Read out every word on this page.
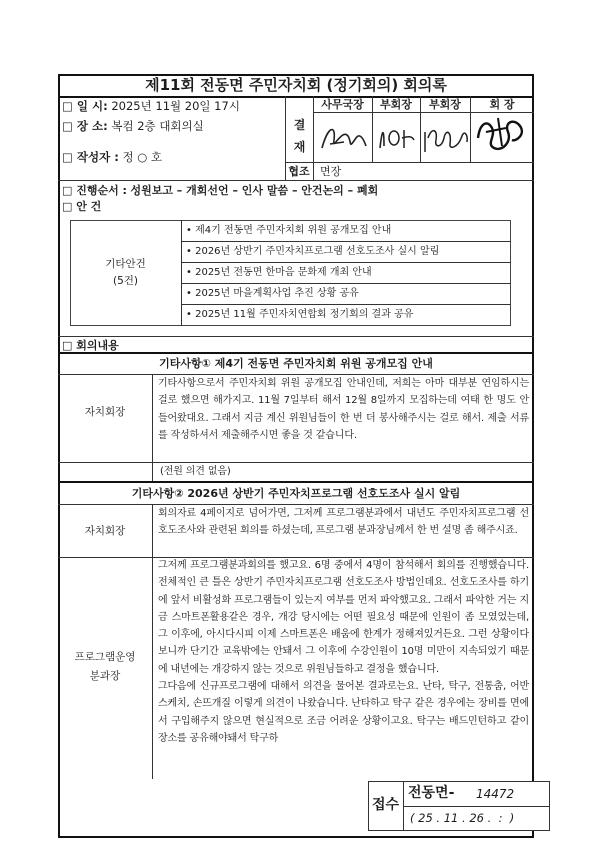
제11회 전동면 주민자치회 (정기회의) 회의록
□ 일 시: 2025년 11월 20일 17시
□ 장 소: 복컴 2층 대회의실
□ 작성자 : 정 ○ 호
결
재
사무국장	부회장	부회장	회 장
협조 면장
□ 진행순서 : 성원보고 – 개회선언 – 인사 말씀 – 안건논의 – 폐회
□ 안 건
기타안건
(5건)
• 제4기 전동면 주민자치회 위원 공개모집 안내
• 2026년 상반기 주민자치프로그램 선호도조사 실시 알림
• 2025년 전동면 한마음 문화제 개최 안내
• 2025년 마을계획사업 추진 상황 공유
• 2025년 11월 주민자치연합회 정기회의 결과 공유
□ 회의내용
기타사항① 제4기 전동면 주민자치회 위원 공개모집 안내
자치회장
기타사항으로서 주민자치회 위원 공개모집 안내인데, 저희는 아마 대부분 연임하시는 걸로 했으면 해가지고. 11월 7일부터 해서 12월 8일까지 모집하는데 여태 한 명도 안 들어왔대요. 그래서 지금 계신 위원님들이 한 번 더 봉사해주시는 걸로 해서. 제출 서류를 작성하셔서 제출해주시면 좋을 것 같습니다.
(전원 의견 없음)
기타사항② 2026년 상반기 주민자치프로그램 선호도조사 실시 알림
자치회장
회의자료 4페이지로 넘어가면, 그저께 프로그램분과에서 내년도 주민자치프로그램 선호도조사와 관련된 회의를 하셨는데, 프로그램 분과장님께서 한 번 설명 좀 해주시죠.
프로그램운영
분과장
그저께 프로그램분과회의를 했고요. 6명 중에서 4명이 참석해서 회의를 진행했습니다. 전체적인 큰 틀은 상반기 주민자치프로그램 선호도조사 방법인데요. 선호도조사를 하기에 앞서 비활성화 프로그램들이 있는지 여부를 먼저 파악했고요. 그래서 파악한 거는 지금 스마트폰활용같은 경우, 개강 당시에는 어떤 필요성 때문에 인원이 좀 모였었는데, 그 이후에, 아시다시피 이제 스마트폰은 배움에 한계가 정해져있거든요. 그런 상황이다보니까 단기간 교육밖에는 안돼서 그 이후에 수강인원이 10명 미만이 지속되었기 때문에 내년에는 개강하지 않는 것으로 위원님들하고 결정을 했습니다.
그다음에 신규프로그램에 대해서 의견을 물어본 결과로는요. 난타, 탁구, 전통춤, 어반스케치, 손뜨개질 이렇게 의견이 나왔습니다. 난타하고 탁구 같은 경우에는 장비를 면에서 구입해주지 않으면 현실적으로 조금 어려운 상황이고요. 탁구는 배드민턴하고 같이 장소를 공유해야돼서 탁구하
접수
전동면- 14472
( 25 . 11 . 26 .  :  )
